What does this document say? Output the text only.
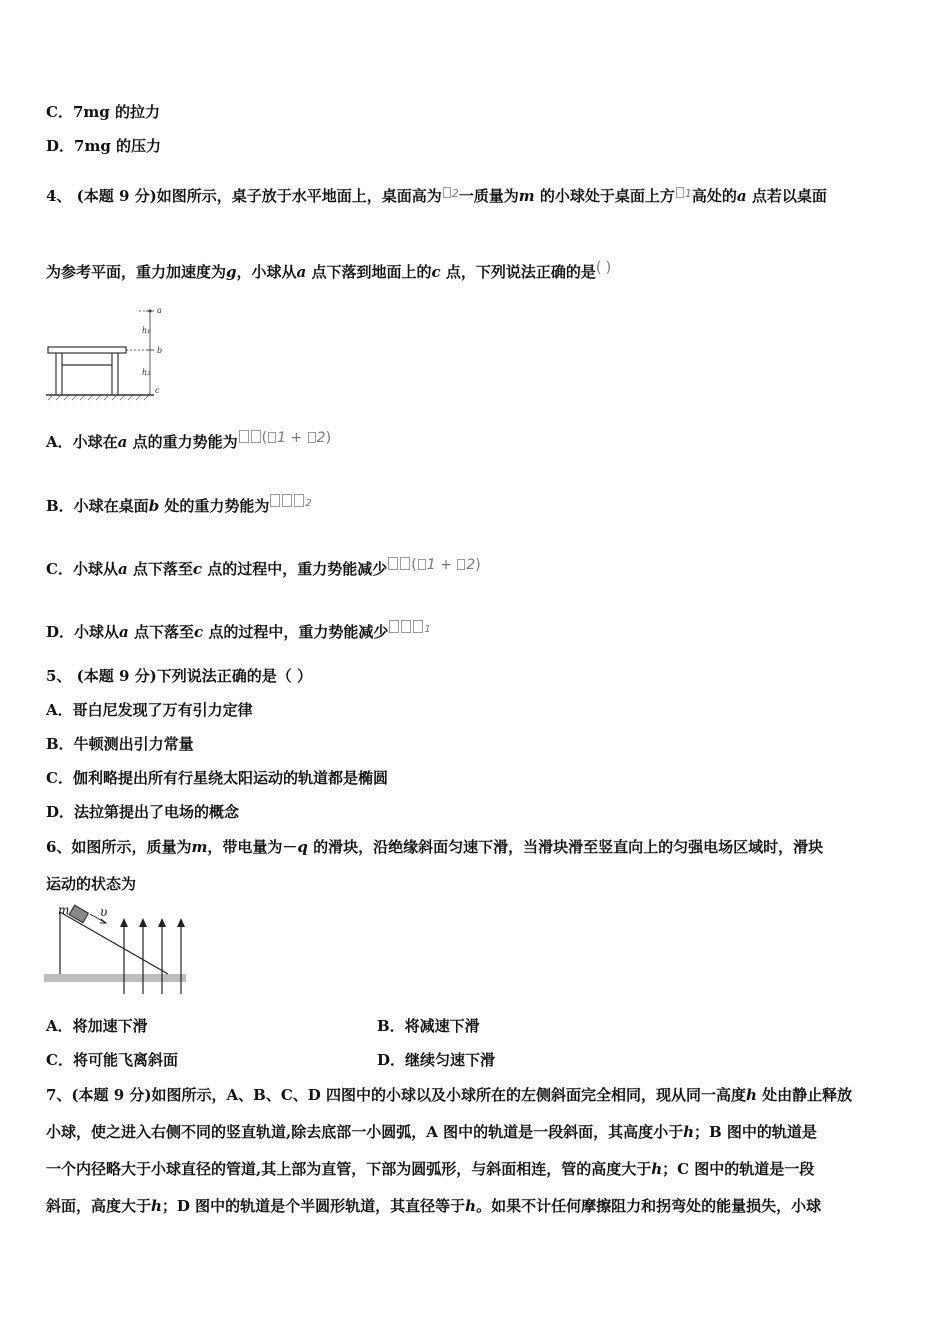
C．7mg 的拉力
D．7mg 的压力
4、 (本题 9 分)如图所示，桌子放于水平地面上，桌面高为 $^2$一质量为m 的小球处于桌面上方 $^1$高处的a 点若以桌面
为参考平面，重力加速度为g，小球从a 点下落到地面上的c 点，下列说法正确的是( )
a
b
c
h₁
h₂
A．小球在a 点的重力势能为 ( 1 + 2)
B．小球在桌面b 处的重力势能为	2
C．小球从a 点下落至c 点的过程中，重力势能减少 ( 1 + 2)
D．小球从a 点下落至c 点的过程中，重力势能减少	1
5、 (本题 9 分)下列说法正确的是（ ）
A．哥白尼发现了万有引力定律
B．牛顿测出引力常量
C．伽利略提出所有行星绕太阳运动的轨道都是椭圆
D．法拉第提出了电场的概念
6、如图所示，质量为m，带电量为－q 的滑块，沿绝缘斜面匀速下滑，当滑块滑至竖直向上的匀强电场区域时，滑块
运动的状态为
m	υ
A．将加速下滑	B．将减速下滑
C．将可能飞离斜面	D．继续匀速下滑
7、(本题 9 分)如图所示，A、B、C、D 四图中的小球以及小球所在的左侧斜面完全相同，现从同一高度h 处由静止释放
小球，使之进入右侧不同的竖直轨道,除去底部一小圆弧，A 图中的轨道是一段斜面，其高度小于h；B 图中的轨道是
一个内径略大于小球直径的管道,其上部为直管，下部为圆弧形，与斜面相连，管的高度大于h；C 图中的轨道是一段
斜面，高度大于h；D 图中的轨道是个半圆形轨道，其直径等于h。如果不计任何摩擦阻力和拐弯处的能量损失，小球
